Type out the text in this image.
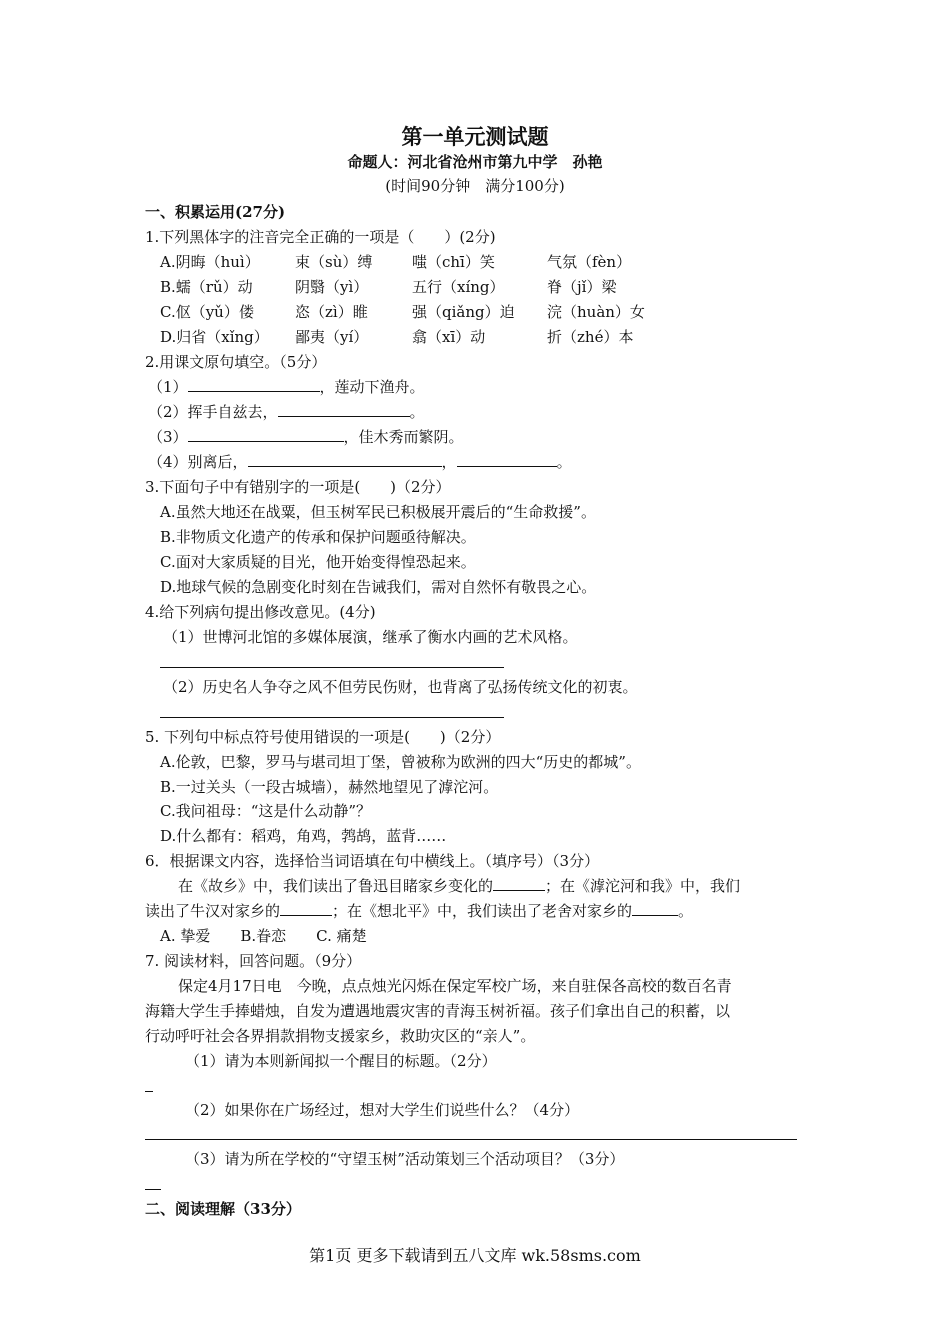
第一单元测试题
命题人：河北省沧州市第九中学　孙艳
(时间90分钟　满分100分)
一、积累运用(27分)
1.下列黑体字的注音完全正确的一项是（　　）(2分)
A.阴晦（huì） 束（sù）缚	嗤（chī）笑	气氛（fèn）
B.蠕（rǔ）动	阴翳（yì）	五行（xíng）	脊（jǐ）梁
C.伛（yǔ）偻	恣（zì）睢	强（qiǎng）迫 浣（huàn）女
D.归省（xǐng） 鄙夷（yí）	翕（xī）动	折（zhé）本
2.用课文原句填空。（5分）
（1）	，莲动下渔舟。
（2）挥手自兹去，	。
（3）	，佳木秀而繁阴。
（4）别离后，	，	。
3.下面句子中有错别字的一项是(　　)（2分）
A.虽然大地还在战粟，但玉树军民已积极展开震后的“生命救援”。
B.非物质文化遗产的传承和保护问题亟待解决。
C.面对大家质疑的目光，他开始变得惶恐起来。
D.地球气候的急剧变化时刻在告诫我们，需对自然怀有敬畏之心。
4.给下列病句提出修改意见。(4分)
（1）世博河北馆的多媒体展演，继承了衡水内画的艺术风格。
（2）历史名人争夺之风不但劳民伤财，也背离了弘扬传统文化的初衷。
5. 下列句中标点符号使用错误的一项是(　　)（2分）
A.伦敦，巴黎，罗马与堪司坦丁堡，曾被称为欧洲的四大“历史的都城”。
B.一过关头（一段古城墙），赫然地望见了滹沱河。
C.我问祖母：“这是什么动静”？
D.什么都有：稻鸡，角鸡，鹁鸪，蓝背……
6．根据课文内容，选择恰当词语填在句中横线上。（填序号）（3分）
在《故乡》中，我们读出了鲁迅目睹家乡变化的	；在《滹沱河和我》中，我们
读出了牛汉对家乡的	；在《想北平》中，我们读出了老舍对家乡的	。
A. 挚爱　　B.眷恋　　C. 痛楚
7. 阅读材料，回答问题。（9分）
保定4月17日电　今晚，点点烛光闪烁在保定军校广场，来自驻保各高校的数百名青
海籍大学生手捧蜡烛，自发为遭遇地震灾害的青海玉树祈福。孩子们拿出自己的积蓄，以
行动呼吁社会各界捐款捐物支援家乡，救助灾区的“亲人”。
（1）请为本则新闻拟一个醒目的标题。（2分）
（2）如果你在广场经过，想对大学生们说些什么？（4分）
（3）请为所在学校的“守望玉树”活动策划三个活动项目？（3分）
二、阅读理解（33分）
第1页 更多下载请到五八文库 wk.58sms.com
